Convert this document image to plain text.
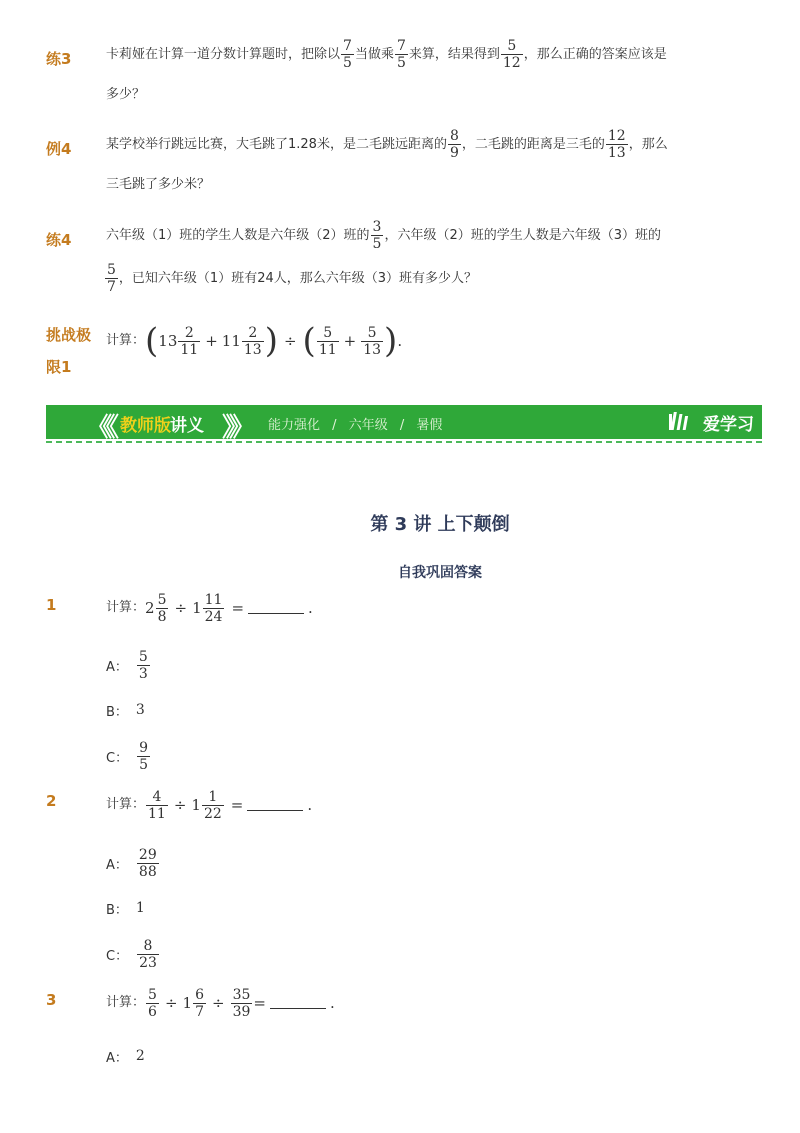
练3	卡莉娅在计算一道分数计算题时，把除以 $\frac{7}{5}$ 当做乘 $\frac{7}{5}$ 来算，结果得到 $\frac{5}{12}$ ，那么正确的答案应该是
多少？
例4	某学校举行跳远比赛，大毛跳了1.28米，是二毛跳远距离的 $\frac{8}{9}$ ，二毛跳的距离是三毛的 $\frac{12}{13}$ ，那么
三毛跳了多少米？
练4	六年级（1）班的学生人数是六年级（2）班的 $\frac{3}{5}$ ，六年级（2）班的学生人数是六年级（3）班的
$\frac{5}{7}$ ，已知六年级（1）班有24人，那么六年级（3）班有多少人？
挑战极
限1
计算： ( $13 \frac{2}{11} + 11 \frac{2}{13}$ ) ÷ ( $\frac{5}{11} + \frac{5}{13}$ ) .
《《 教师版 讲义 》》 能力强化 / 六年级 / 暑假	爱学习
第 3 讲 上下颠倒
自我巩固答案
1	计算： $2 \frac{5}{8} \div 1 \frac{11}{24}$ =	.
A： $\frac{5}{3}$
B： 3
C： $\frac{9}{5}$
2	计算： $\frac{4}{11} \div 1 \frac{1}{22}$ =	.
A： $\frac{29}{88}$
B： 1
C： $\frac{8}{23}$
3	计算： $\frac{5}{6} \div 1 \frac{6}{7} \div \frac{35}{39}$ =	.
A： 2
